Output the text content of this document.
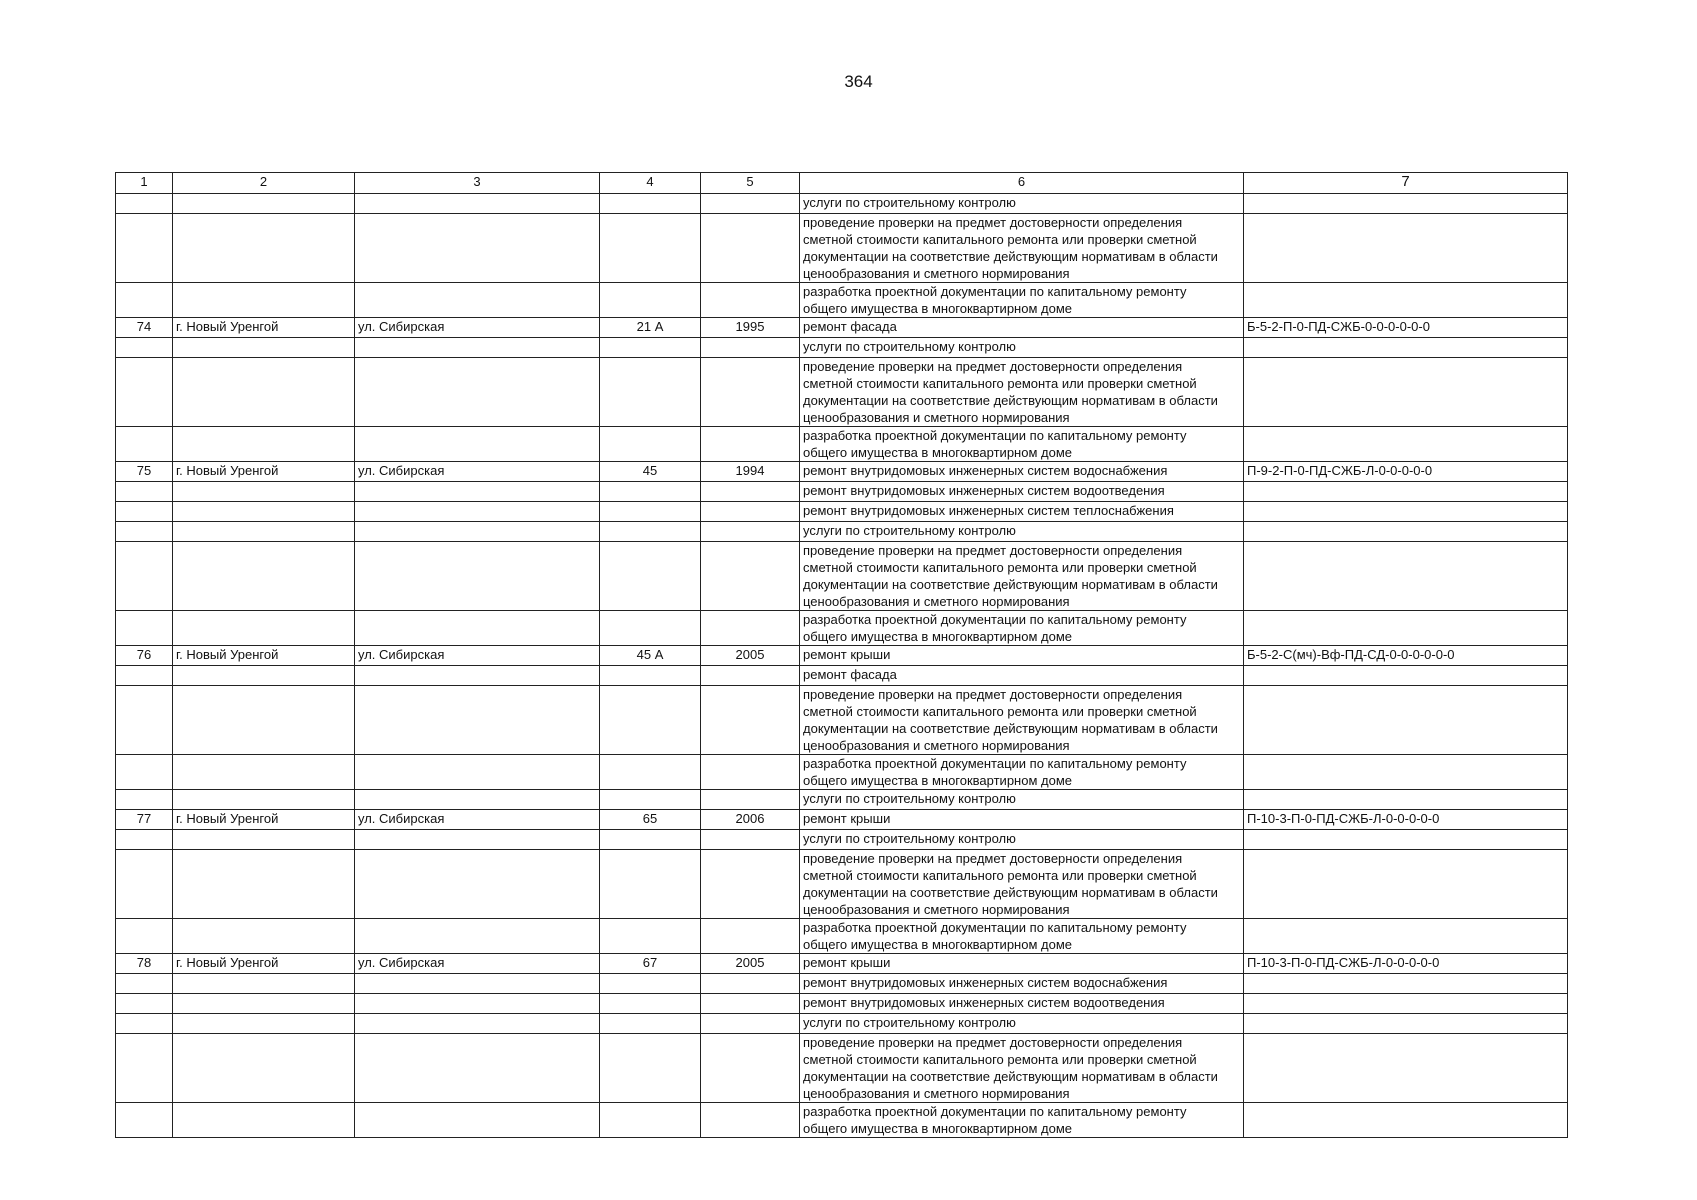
364
1	2	3	4	5	6	7
					услуги по строительному контролю	
					проведение проверки на предмет достоверности определения
сметной стоимости капитального ремонта или проверки сметной
документации на соответствие действующим нормативам в области
ценообразования и сметного нормирования	
					разработка проектной документации по капитальному ремонту
общего имущества в многоквартирном доме	
74	г. Новый Уренгой	ул. Сибирская	21 А	1995	ремонт фасада	Б-5-2-П-0-ПД-СЖБ-0-0-0-0-0-0
					услуги по строительному контролю	
					проведение проверки на предмет достоверности определения
сметной стоимости капитального ремонта или проверки сметной
документации на соответствие действующим нормативам в области
ценообразования и сметного нормирования	
					разработка проектной документации по капитальному ремонту
общего имущества в многоквартирном доме	
75	г. Новый Уренгой	ул. Сибирская	45	1994	ремонт внутридомовых инженерных систем водоснабжения	П-9-2-П-0-ПД-СЖБ-Л-0-0-0-0-0
					ремонт внутридомовых инженерных систем водоотведения	
					ремонт внутридомовых инженерных систем теплоснабжения	
					услуги по строительному контролю	
					проведение проверки на предмет достоверности определения
сметной стоимости капитального ремонта или проверки сметной
документации на соответствие действующим нормативам в области
ценообразования и сметного нормирования	
					разработка проектной документации по капитальному ремонту
общего имущества в многоквартирном доме	
76	г. Новый Уренгой	ул. Сибирская	45 А	2005	ремонт крыши	Б-5-2-С(мч)-Вф-ПД-СД-0-0-0-0-0-0
					ремонт фасада	
					проведение проверки на предмет достоверности определения
сметной стоимости капитального ремонта или проверки сметной
документации на соответствие действующим нормативам в области
ценообразования и сметного нормирования	
					разработка проектной документации по капитальному ремонту
общего имущества в многоквартирном доме	
					услуги по строительному контролю	
77	г. Новый Уренгой	ул. Сибирская	65	2006	ремонт крыши	П-10-3-П-0-ПД-СЖБ-Л-0-0-0-0-0
					услуги по строительному контролю	
					проведение проверки на предмет достоверности определения
сметной стоимости капитального ремонта или проверки сметной
документации на соответствие действующим нормативам в области
ценообразования и сметного нормирования	
					разработка проектной документации по капитальному ремонту
общего имущества в многоквартирном доме	
78	г. Новый Уренгой	ул. Сибирская	67	2005	ремонт крыши	П-10-3-П-0-ПД-СЖБ-Л-0-0-0-0-0
					ремонт внутридомовых инженерных систем водоснабжения	
					ремонт внутридомовых инженерных систем водоотведения	
					услуги по строительному контролю	
					проведение проверки на предмет достоверности определения
сметной стоимости капитального ремонта или проверки сметной
документации на соответствие действующим нормативам в области
ценообразования и сметного нормирования	
					разработка проектной документации по капитальному ремонту
общего имущества в многоквартирном доме	
